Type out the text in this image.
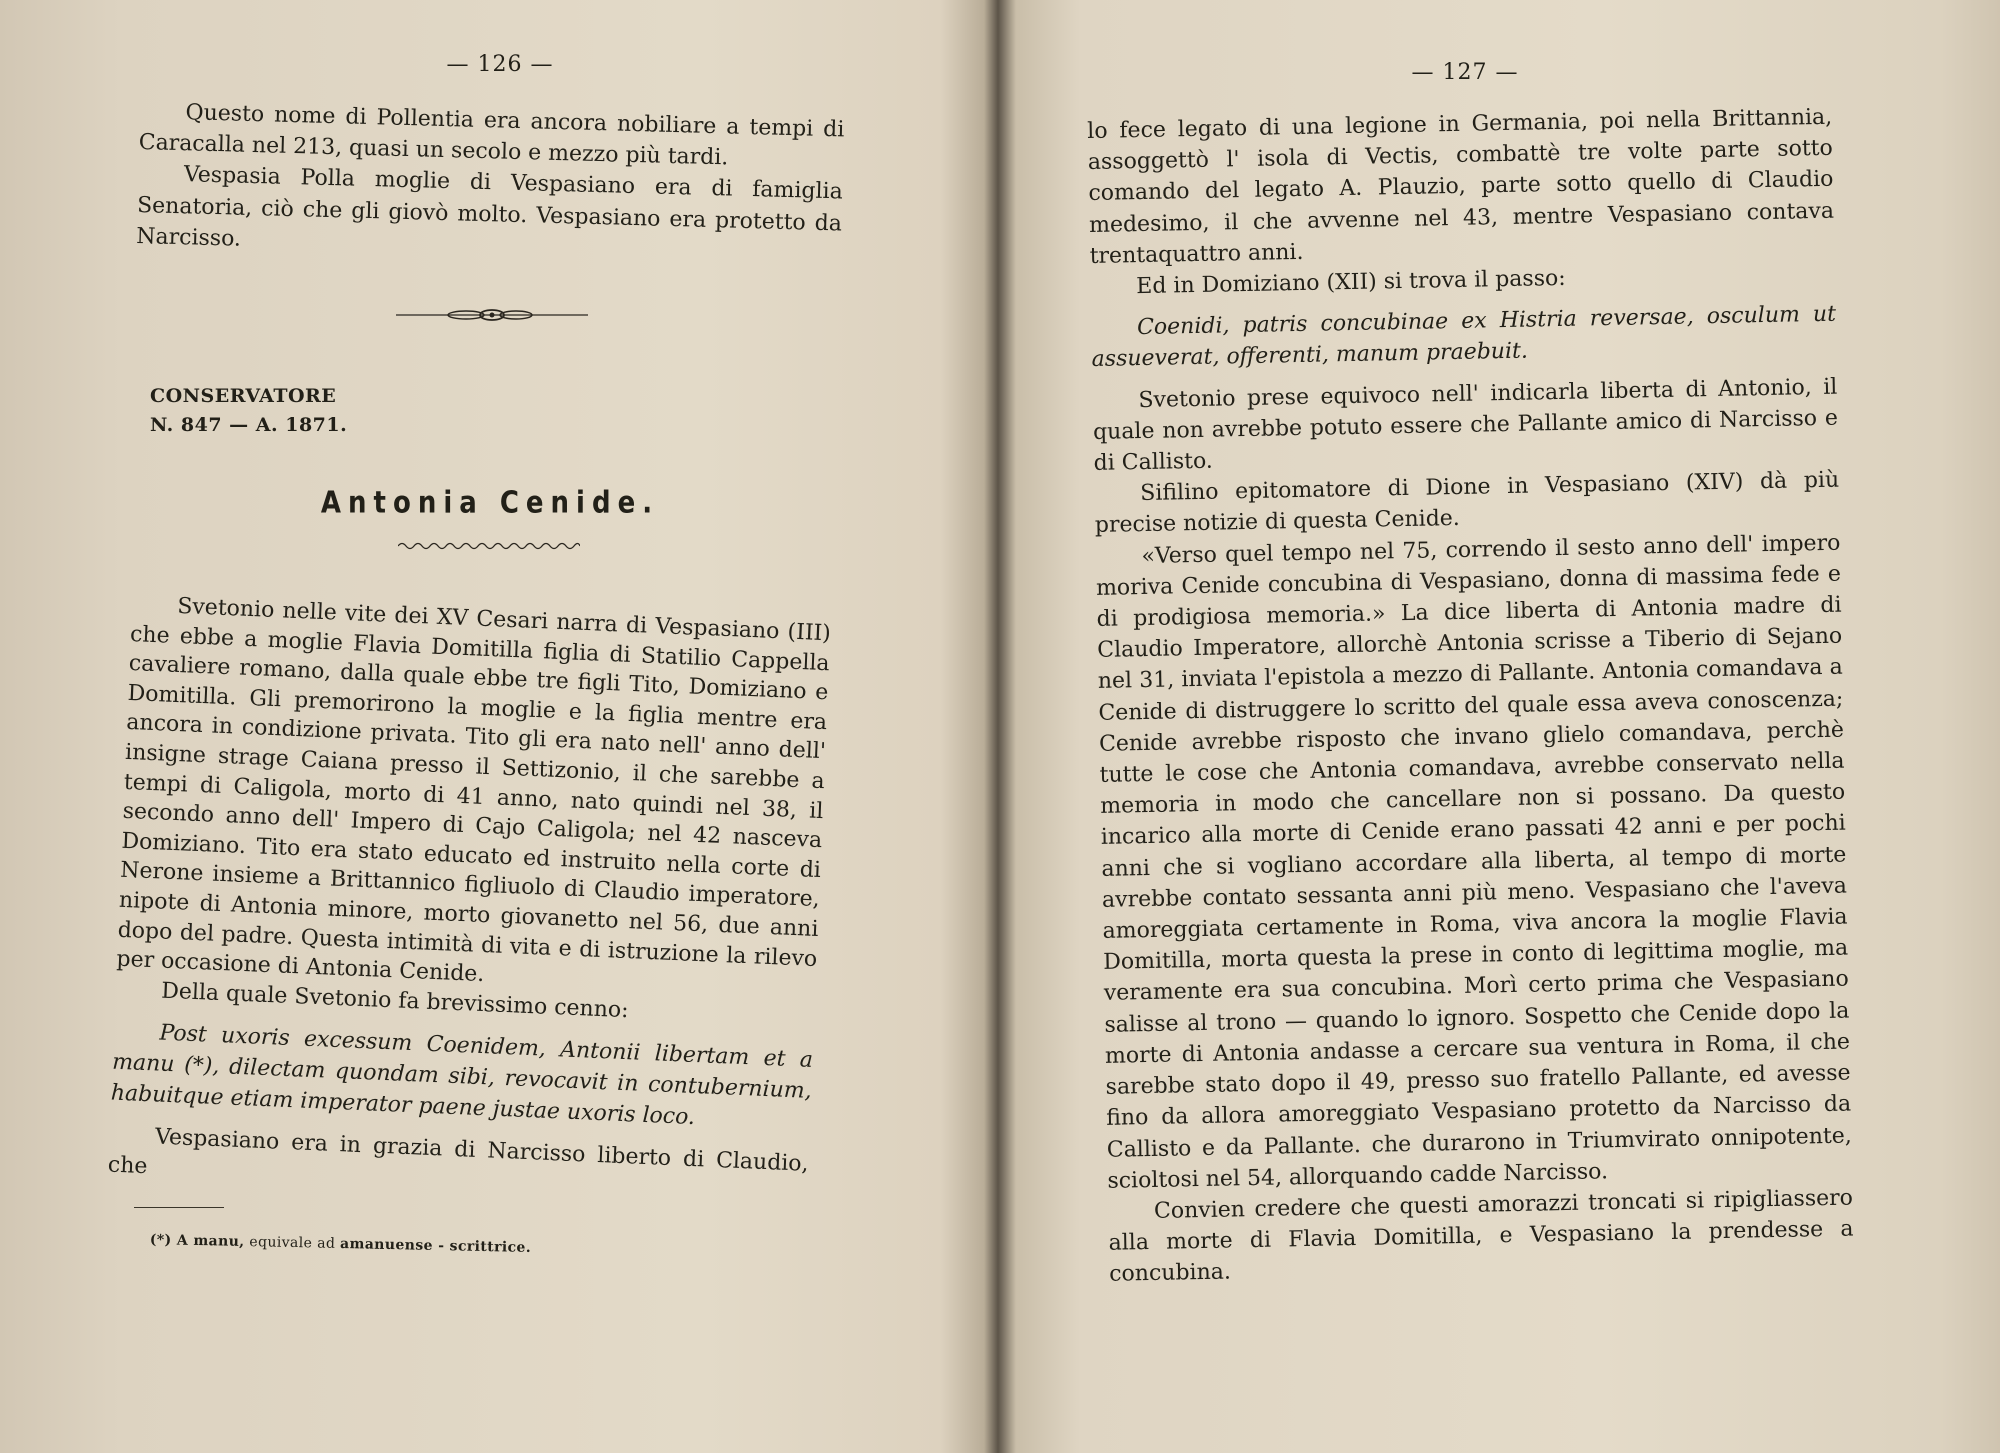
— 126 —

Questo nome di Pollentia era ancora nobiliare a tempi di Caracalla nel 213, quasi un secolo e mezzo più tardi.

Vespasia Polla moglie di Vespasiano era di famiglia Senatoria, ciò che gli giovò molto. Vespasiano era protetto da Narcisso.

CONSERVATORE
N. 847 — A. 1871.
Antonia Cenide.

Svetonio nelle vite dei XV Cesari narra di Vespasiano (III) che ebbe a moglie Flavia Domitilla figlia di Statilio Cappella cavaliere romano, dalla quale ebbe tre figli Tito, Domiziano e Domitilla. Gli premorirono la moglie e la figlia mentre era ancora in condizione privata. Tito gli era nato nell' anno dell' insigne strage Caiana presso il Settizonio, il che sarebbe a tempi di Caligola, morto di 41 anno, nato quindi nel 38, il secondo anno dell' Impero di Cajo Caligola; nel 42 nasceva Domiziano. Tito era stato educato ed instruito nella corte di Nerone insieme a Brittannico figliuolo di Claudio imperatore, nipote di Antonia minore, morto giovanetto nel 56, due anni dopo del padre. Questa intimità di vita e di istruzione la rilevo per occasione di Antonia Cenide.

Della quale Svetonio fa brevissimo cenno:

Post uxoris excessum Coenidem, Antonii libertam et a manu (*), dilectam quondam sibi, revocavit in contubernium, habuitque etiam imperator paene justae uxoris loco.

Vespasiano era in grazia di Narcisso liberto di Claudio, che

(*) A manu, equivale ad amanuense - scrittrice.
— 127 —

lo fece legato di una legione in Germania, poi nella Brittannia, assoggettò l' isola di Vectis, combattè tre volte parte sotto comando del legato A. Plauzio, parte sotto quello di Claudio medesimo, il che avvenne nel 43, mentre Vespasiano contava trentaquattro anni.

Ed in Domiziano (XII) si trova il passo:

Coenidi, patris concubinae ex Histria reversae, osculum ut assueverat, offerenti, manum praebuit.

Svetonio prese equivoco nell' indicarla liberta di Antonio, il quale non avrebbe potuto essere che Pallante amico di Narcisso e di Callisto.

Sifilino epitomatore di Dione in Vespasiano (XIV) dà più precise notizie di questa Cenide.

«Verso quel tempo nel 75, correndo il sesto anno dell' impero moriva Cenide concubina di Vespasiano, donna di massima fede e di prodigiosa memoria.» La dice liberta di Antonia madre di Claudio Imperatore, allorchè Antonia scrisse a Tiberio di Sejano nel 31, inviata l'epistola a mezzo di Pallante. Antonia comandava a Cenide di distruggere lo scritto del quale essa aveva conoscenza; Cenide avrebbe risposto che invano glielo comandava, perchè tutte le cose che Antonia comandava, avrebbe conservato nella memoria in modo che cancellare non si possano. Da questo incarico alla morte di Cenide erano passati 42 anni e per pochi anni che si vogliano accordare alla liberta, al tempo di morte avrebbe contato sessanta anni più meno. Vespasiano che l'aveva amoreggiata certamente in Roma, viva ancora la moglie Flavia Domitilla, morta questa la prese in conto di legittima moglie, ma veramente era sua concubina. Morì certo prima che Vespasiano salisse al trono — quando lo ignoro. Sospetto che Cenide dopo la morte di Antonia andasse a cercare sua ventura in Roma, il che sarebbe stato dopo il 49, presso suo fratello Pallante, ed avesse fino da allora amoreggiato Vespasiano protetto da Narcisso da Callisto e da Pallante. che durarono in Triumvirato onnipotente, scioltosi nel 54, allorquando cadde Narcisso.

Convien credere che questi amorazzi troncati si ripigliassero alla morte di Flavia Domitilla, e Vespasiano la prendesse a concubina.
